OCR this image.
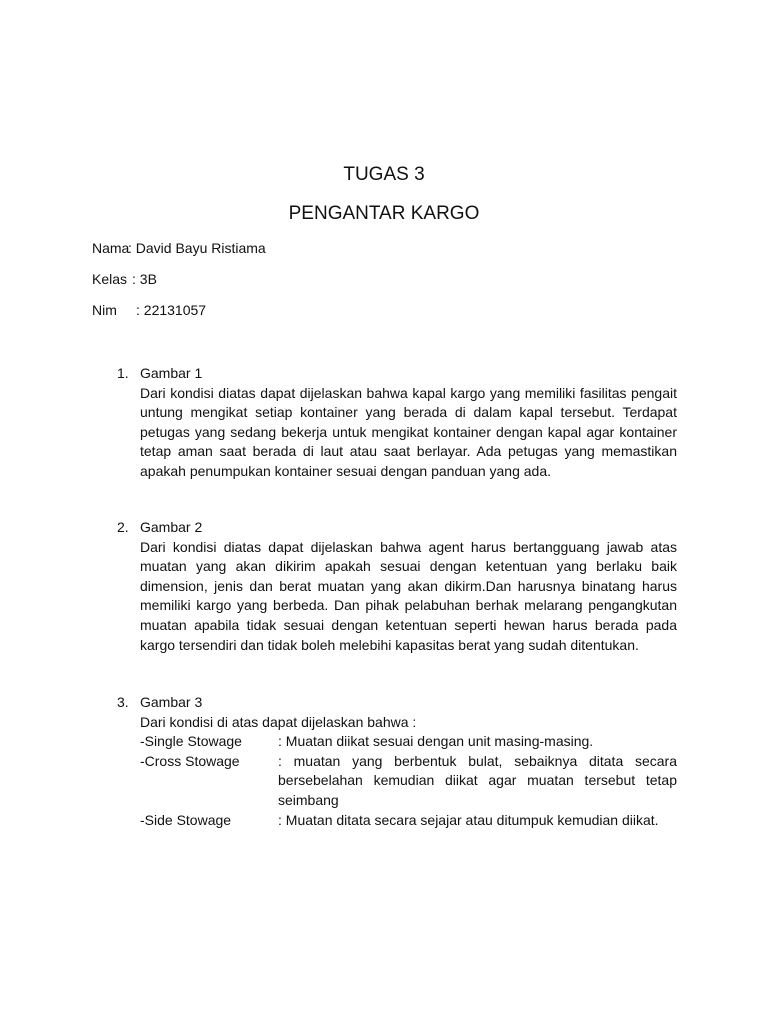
TUGAS 3
PENGANTAR KARGO
Nama: David Bayu Ristiama
Kelas : 3B
Nim : 22131057
1. Gambar 1
Dari kondisi diatas dapat dijelaskan bahwa kapal kargo yang memiliki fasilitas pengait untung mengikat setiap kontainer yang berada di dalam kapal tersebut. Terdapat petugas yang sedang bekerja untuk mengikat kontainer dengan kapal agar kontainer tetap aman saat berada di laut atau saat berlayar. Ada petugas yang memastikan apakah penumpukan kontainer sesuai dengan panduan yang ada.
2. Gambar 2
Dari kondisi diatas dapat dijelaskan bahwa agent harus bertangguang jawab atas muatan yang akan dikirim apakah sesuai dengan ketentuan yang berlaku baik dimension, jenis dan berat muatan yang akan dikirm.Dan harusnya binatang harus memiliki kargo yang berbeda. Dan pihak pelabuhan berhak melarang pengangkutan muatan apabila tidak sesuai dengan ketentuan seperti hewan harus berada pada kargo tersendiri dan tidak boleh melebihi kapasitas berat yang sudah ditentukan.
3. Gambar 3
Dari kondisi di atas dapat dijelaskan bahwa :
-Single Stowage	: Muatan diikat sesuai dengan unit masing-masing.
-Cross Stowage	: muatan yang berbentuk bulat, sebaiknya ditata secara bersebelahan kemudian diikat agar muatan tersebut tetap seimbang
-Side Stowage	: Muatan ditata secara sejajar atau ditumpuk kemudian diikat.
